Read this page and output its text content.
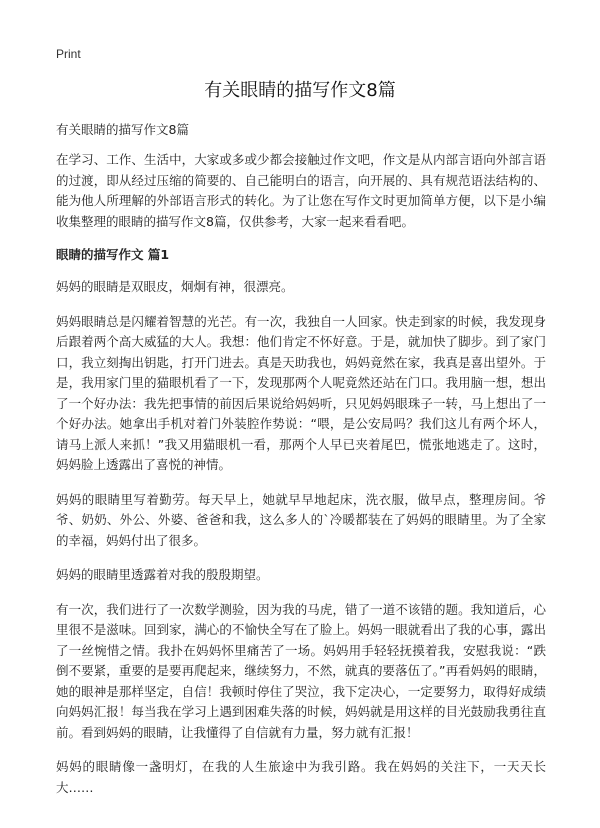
Print
有关眼睛的描写作文8篇
有关眼睛的描写作文8篇

在学习、工作、生活中，大家或多或少都会接触过作文吧，作文是从内部言语向外部言语的过渡，即从经过压缩的简要的、自己能明白的语言，向开展的、具有规范语法结构的、能为他人所理解的外部语言形式的转化。为了让您在写作文时更加简单方便，以下是小编收集整理的眼睛的描写作文8篇，仅供参考，大家一起来看看吧。

眼睛的描写作文 篇1

妈妈的眼睛是双眼皮，炯炯有神，很漂亮。

妈妈眼睛总是闪耀着智慧的光芒。有一次，我独自一人回家。快走到家的时候，我发现身后跟着两个高大威猛的大人。我想：他们肯定不怀好意。于是，就加快了脚步。到了家门口，我立刻掏出钥匙，打开门进去。真是天助我也，妈妈竟然在家，我真是喜出望外。于是，我用家门里的猫眼机看了一下，发现那两个人呢竟然还站在门口。我用脑一想，想出了一个好办法：我先把事情的前因后果说给妈妈听，只见妈妈眼珠子一转，马上想出了一个好办法。她拿出手机对着门外装腔作势说：“喂，是公安局吗？我们这儿有两个坏人，请马上派人来抓！”我又用猫眼机一看，那两个人早已夹着尾巴，慌张地逃走了。这时，妈妈脸上透露出了喜悦的神情。

妈妈的眼睛里写着勤劳。每天早上，她就早早地起床，洗衣服，做早点，整理房间。爷爷、奶奶、外公、外婆、爸爸和我，这么多人的`冷暖都装在了妈妈的眼睛里。为了全家的幸福，妈妈付出了很多。

妈妈的眼睛里透露着对我的殷殷期望。

有一次，我们进行了一次数学测验，因为我的马虎，错了一道不该错的题。我知道后，心里很不是滋味。回到家，满心的不愉快全写在了脸上。妈妈一眼就看出了我的心事，露出了一丝惋惜之情。我扑在妈妈怀里痛苦了一场。妈妈用手轻轻抚摸着我，安慰我说：“跌倒不要紧，重要的是要再爬起来，继续努力，不然，就真的要落伍了。”再看妈妈的眼睛，她的眼神是那样坚定，自信！我顿时停住了哭泣，我下定决心，一定要努力，取得好成绩向妈妈汇报！每当我在学习上遇到困难失落的时候，妈妈就是用这样的目光鼓励我勇往直前。看到妈妈的眼睛，让我懂得了自信就有力量，努力就有汇报！

妈妈的眼睛像一盏明灯，在我的人生旅途中为我引路。我在妈妈的关注下，一天天长大……
